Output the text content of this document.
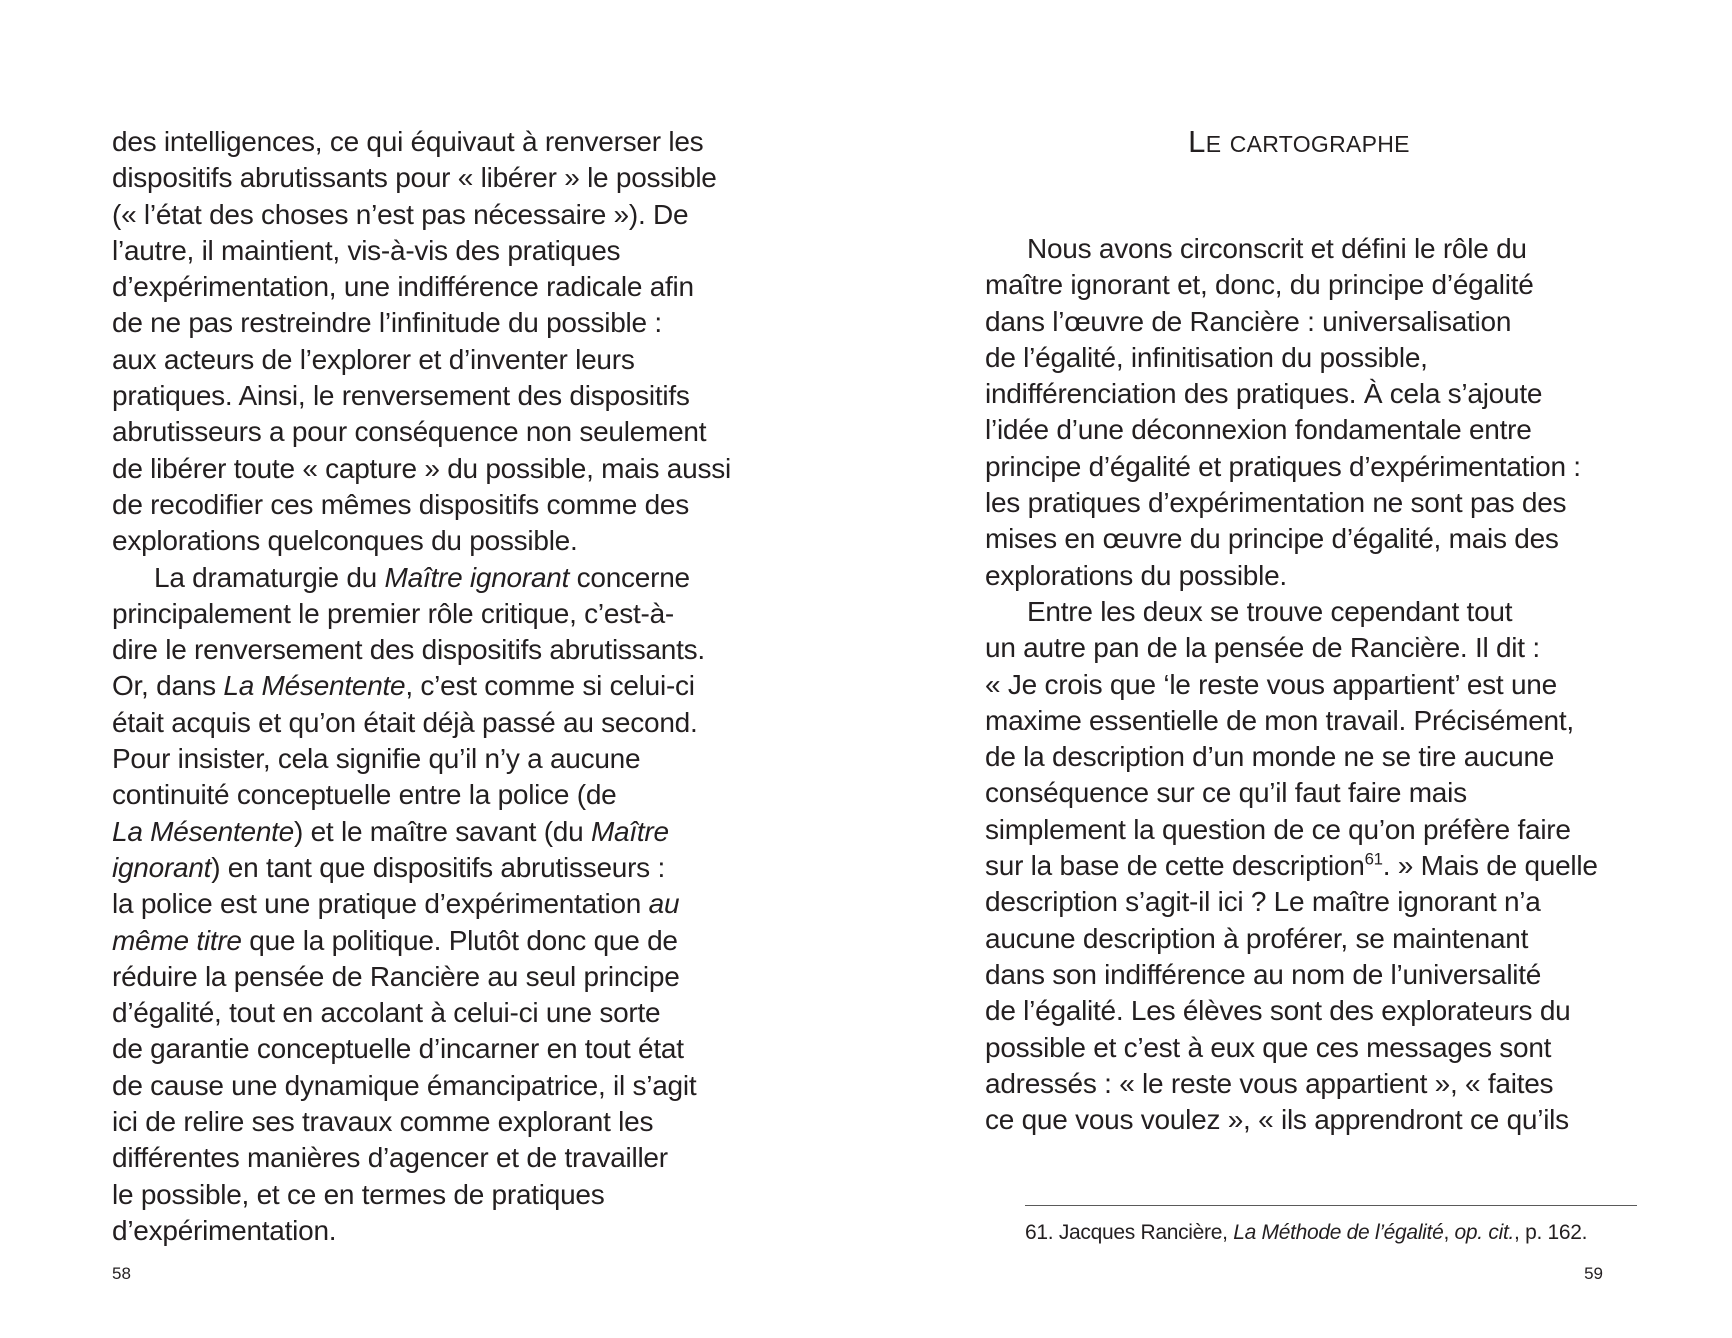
des intelligences, ce qui équivaut à renverser les
dispositifs abrutissants pour « libérer » le possible
(« l’état des choses n’est pas nécessaire »). De
l’autre, il maintient, vis-à-vis des pratiques
d’expérimentation, une indifférence radicale afin
de ne pas restreindre l’infinitude du possible :
aux acteurs de l’explorer et d’inventer leurs
pratiques. Ainsi, le renversement des dispositifs
abrutisseurs a pour conséquence non seulement
de libérer toute « capture » du possible, mais aussi
de recodifier ces mêmes dispositifs comme des
explorations quelconques du possible.
La dramaturgie du Maître ignorant concerne
principalement le premier rôle critique, c’est-à-
dire le renversement des dispositifs abrutissants.
Or, dans La Mésentente, c’est comme si celui-ci
était acquis et qu’on était déjà passé au second.
Pour insister, cela signifie qu’il n’y a aucune
continuité conceptuelle entre la police (de
La Mésentente) et le maître savant (du Maître
ignorant) en tant que dispositifs abrutisseurs :
la police est une pratique d’expérimentation au
même titre que la politique. Plutôt donc que de
réduire la pensée de Rancière au seul principe
d’égalité, tout en accolant à celui-ci une sorte
de garantie conceptuelle d’incarner en tout état
de cause une dynamique émancipatrice, il s’agit
ici de relire ses travaux comme explorant les
différentes manières d’agencer et de travailler
le possible, et ce en termes de pratiques
d’expérimentation.
58
LE CARTOGRAPHE
Nous avons circonscrit et défini le rôle du
maître ignorant et, donc, du principe d’égalité
dans l’œuvre de Rancière : universalisation
de l’égalité, infinitisation du possible,
indifférenciation des pratiques. À cela s’ajoute
l’idée d’une déconnexion fondamentale entre
principe d’égalité et pratiques d’expérimentation :
les pratiques d’expérimentation ne sont pas des
mises en œuvre du principe d’égalité, mais des
explorations du possible.
Entre les deux se trouve cependant tout
un autre pan de la pensée de Rancière. Il dit :
« Je crois que ‘le reste vous appartient’ est une
maxime essentielle de mon travail. Précisément,
de la description d’un monde ne se tire aucune
conséquence sur ce qu’il faut faire mais
simplement la question de ce qu’on préfère faire
sur la base de cette description$^{61}$. » Mais de quelle
description s’agit-il ici ? Le maître ignorant n’a
aucune description à proférer, se maintenant
dans son indifférence au nom de l’universalité
de l’égalité. Les élèves sont des explorateurs du
possible et c’est à eux que ces messages sont
adressés : « le reste vous appartient », « faites
ce que vous voulez », « ils apprendront ce qu’ils
61. Jacques Rancière, La Méthode de l’égalité, op. cit., p. 162.
59
